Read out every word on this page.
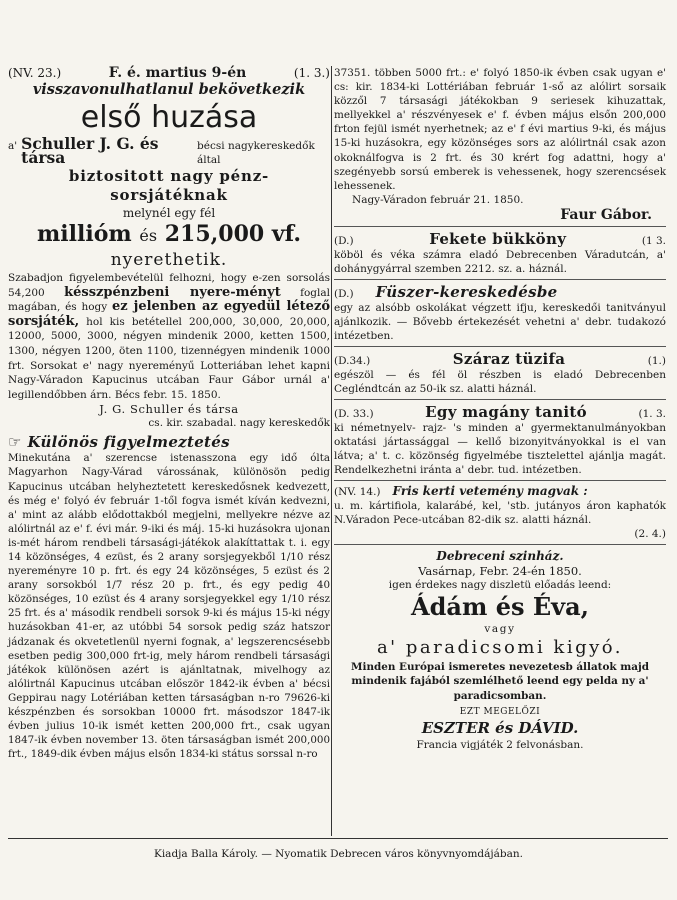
(NV. 23.)	F. é. martius 9-én	(1. 3.)
visszavonulhatlanul bekövetkezik
első huzása
a' Schuller J. G. és társa
bécsi nagykereskedők által
biztositott nagy pénz-
sorsjátéknak
melynél egy fél
millióm és 215,000 vf.
nyerethetik.
Szabadjon figyelembevételül felhozni, hogy e-zen sorsolás 54,200 késszpénzbeni nyere-ményt foglal magában, és hogy ez jelenben az egyedül létező sorsjáték, hol kis betétellel 200,000, 30,000, 20,000, 12000, 5000, 3000, négyen mindenik 2000, ketten 1500, 1300, négyen 1200, öten 1100, tizennégyen mindenik 1000 frt. Sorsokat e' nagy nyereményű Lotteriában lehet kapni Nagy-Váradon Kapucinus utcában Faur Gábor urnál a' legillendőbben árn. Bécs febr. 15. 1850.
J. G. Schuller és társa
cs. kir. szabadal. nagy kereskedők
☞ Különös figyelmeztetés
Minekutána a' szerencse istenasszona egy idő ólta Magyarhon Nagy-Várad várossának, különösön pedig Kapucinus utcában helyheztetett kereskedősnek kedvezett, és még e' folyó év február 1-től fogva ismét kíván kedvezni, a' mint az alább elődottakból megjelni, mellyekre nézve az alólirtnál az e' f. évi már. 9-iki és máj. 15-ki huzásokra ujonan is-mét három rendbeli társasági-játékok alakíttattak t. i. egy 14 közönséges, 4 ezüst, és 2 arany sorsjegyekből 1/10 rész nyereményre 10 p. frt. és egy 24 közönséges, 5 ezüst és 2 arany sorsokból 1/7 rész 20 p. frt., és egy pedig 40 közönséges, 10 ezüst és 4 arany sorsjegyekkel egy 1/10 rész 25 frt. és a' második rendbeli sorsok 9-ki és május 15-ki négy huzásokban 41-er, az utóbbi 54 sorsok pedig száz hatszor jádzanak és okvetetlenül nyerni fognak, a' legszerencsésebb esetben pedig 300,000 frt-ig, mely három rendbeli társasági játékok különösen azért is ajánltatnak, mivelhogy az alólirtnál Kapucinus utcában először 1842-ik évben a' bécsi Geppirau nagy Lotériában ketten társaságban n-ro 79626-ki készpénzben és sorsokban 10000 frt. másodszor 1847-ik évben julius 10-ik ismét ketten 200,000 frt., csak ugyan 1847-ik évben november 13. öten társaságban ismét 200,000 frt., 1849-dik évben május elsőn 1834-ki státus sorssal n-ro
37351. többen 5000 frt.: e' folyó 1850-ik évben csak ugyan e' cs: kir. 1834-ki Lottériában február 1-ső az alólirt sorsaik közzől 7 társasági játékokban 9 seriesek kihuzattak, mellyekkel a' részvényesek e' f. évben május elsőn 200,000 frton fejül ismét nyerhetnek; az e' f évi martius 9-ki, és május 15-ki huzásokra, egy közönséges sors az alólirtnál csak azon okoknálfogva is 2 frt. és 30 krért fog adattni, hogy a' szegényebb sorsú emberek is vehessenek, hogy szerencsések lehessenek.
Nagy-Váradon február 21. 1850.
Faur Gábor.
(D.)	Fekete bükköny	(1 3.
köböl és véka számra eladó Debrecenben Váradutcán, a' dohánygyárral szemben 2212. sz. a. háznál.
(D.) Füszer-kereskedésbe
egy az alsóbb oskolákat végzett ifju, kereskedői tanitványul ajánlkozik. — Bővebb értekezését vehetni a' debr. tudakozó intézetben.
(D.34.)	Száraz tüzifa	(1.)
egészöl — és fél öl részben is eladó Debrecenben Cegléndtcán az 50-ik sz. alatti háznál.
(D. 33.)	Egy magány tanitó	(1. 3.
ki németnyelv- rajz- 's minden a' gyermektanulmányokban oktatási jártassággal — kellő bizonyitványokkal is el van látva; a' t. c. közönség figyelmébe tisztelettel ajánlja magát. Rendelkezhetni iránta a' debr. tud. intézetben.
(NV. 14.) Fris kerti vetemény magvak :
u. m. kártifiola, kalarábé, kel, 'stb. jutányos áron kaphatók N.Váradon Pece-utcában 82-dik sz. alatti háznál.
(2. 4.)
Debreceni szinház.
Vasárnap, Febr. 24-én 1850.
igen érdekes nagy diszletü előadás leend:
Ádám és Éva,
vagy
a' paradicsomi kigyó.
Minden Európai ismeretes nevezetesb állatok majd mindenik fajából szemlélhető leend egy pelda ny a' paradicsomban.
EZT MEGELŐZI
ESZTER és DÁVID.
Francia vigjáték 2 felvonásban.
Kiadja Balla Károly. — Nyomatik Debrecen város könyvnyomdájában.
